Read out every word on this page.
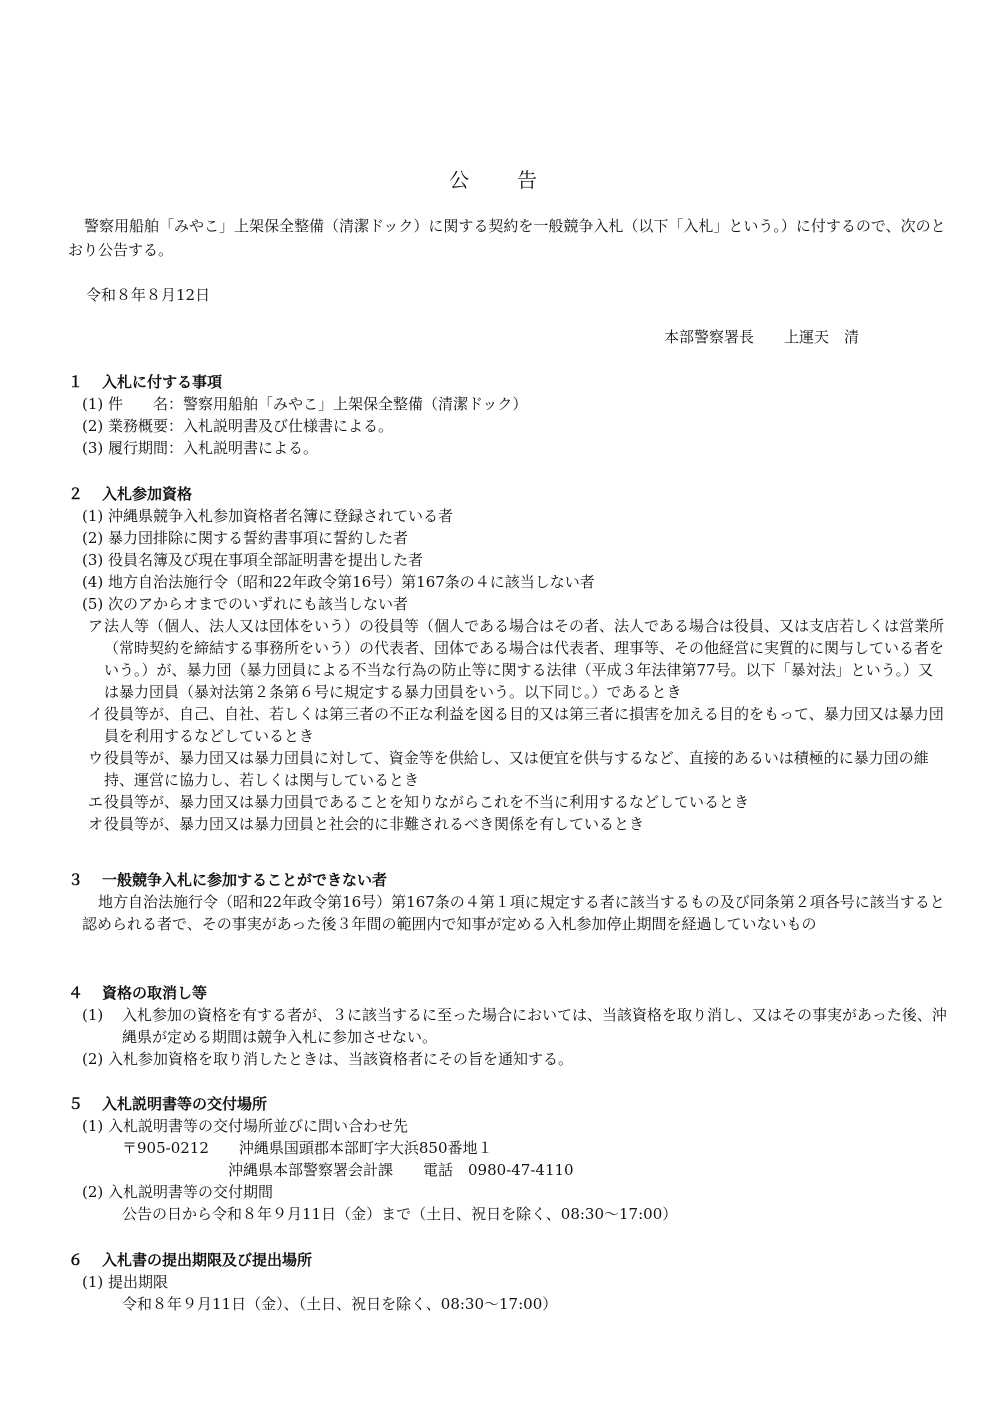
公　告
警察用船舶「みやこ」上架保全整備（清潔ドック）に関する契約を一般競争入札（以下「入札」という。）に付するので、次のとおり公告する。
令和８年８月12日
本部警察署長 上運天　清
１ 入札に付する事項
(1) 件　　名：警察用船舶「みやこ」上架保全整備（清潔ドック）
(2) 業務概要：入札説明書及び仕様書による。
(3) 履行期間：入札説明書による。
２ 入札参加資格
(1) 沖縄県競争入札参加資格者名簿に登録されている者
(2) 暴力団排除に関する誓約書事項に誓約した者
(3) 役員名簿及び現在事項全部証明書を提出した者
(4) 地方自治法施行令（昭和22年政令第16号）第167条の４に該当しない者
(5) 次のアからオまでのいずれにも該当しない者
ア法人等（個人、法人又は団体をいう）の役員等（個人である場合はその者、法人である場合は役員、又は支店若しくは営業所（常時契約を締結する事務所をいう）の代表者、団体である場合は代表者、理事等、その他経営に実質的に関与している者をいう。）が、暴力団（暴力団員による不当な行為の防止等に関する法律（平成３年法律第77号。以下「暴対法」という。）又は暴力団員（暴対法第２条第６号に規定する暴力団員をいう。以下同じ。）であるとき
イ役員等が、自己、自社、若しくは第三者の不正な利益を図る目的又は第三者に損害を加える目的をもって、暴力団又は暴力団員を利用するなどしているとき
ウ役員等が、暴力団又は暴力団員に対して、資金等を供給し、又は便宜を供与するなど、直接的あるいは積極的に暴力団の維持、運営に協力し、若しくは関与しているとき
エ役員等が、暴力団又は暴力団員であることを知りながらこれを不当に利用するなどしているとき
オ役員等が、暴力団又は暴力団員と社会的に非難されるべき関係を有しているとき
３ 一般競争入札に参加することができない者
地方自治法施行令（昭和22年政令第16号）第167条の４第１項に規定する者に該当するもの及び同条第２項各号に該当すると認められる者で、その事実があった後３年間の範囲内で知事が定める入札参加停止期間を経過していないもの
４ 資格の取消し等
(1) 入札参加の資格を有する者が、３に該当するに至った場合においては、当該資格を取り消し、又はその事実があった後、沖縄県が定める期間は競争入札に参加させない。
(2) 入札参加資格を取り消したときは、当該資格者にその旨を通知する。
５ 入札説明書等の交付場所
(1) 入札説明書等の交付場所並びに問い合わせ先
〒905-0212 沖縄県国頭郡本部町字大浜850番地１
沖縄県本部警察署会計課 電話　0980-47-4110
(2) 入札説明書等の交付期間
公告の日から令和８年９月11日（金）まで（土日、祝日を除く、08:30～17:00）
６ 入札書の提出期限及び提出場所
(1) 提出期限
令和８年９月11日（金）、（土日、祝日を除く、08:30～17:00）
